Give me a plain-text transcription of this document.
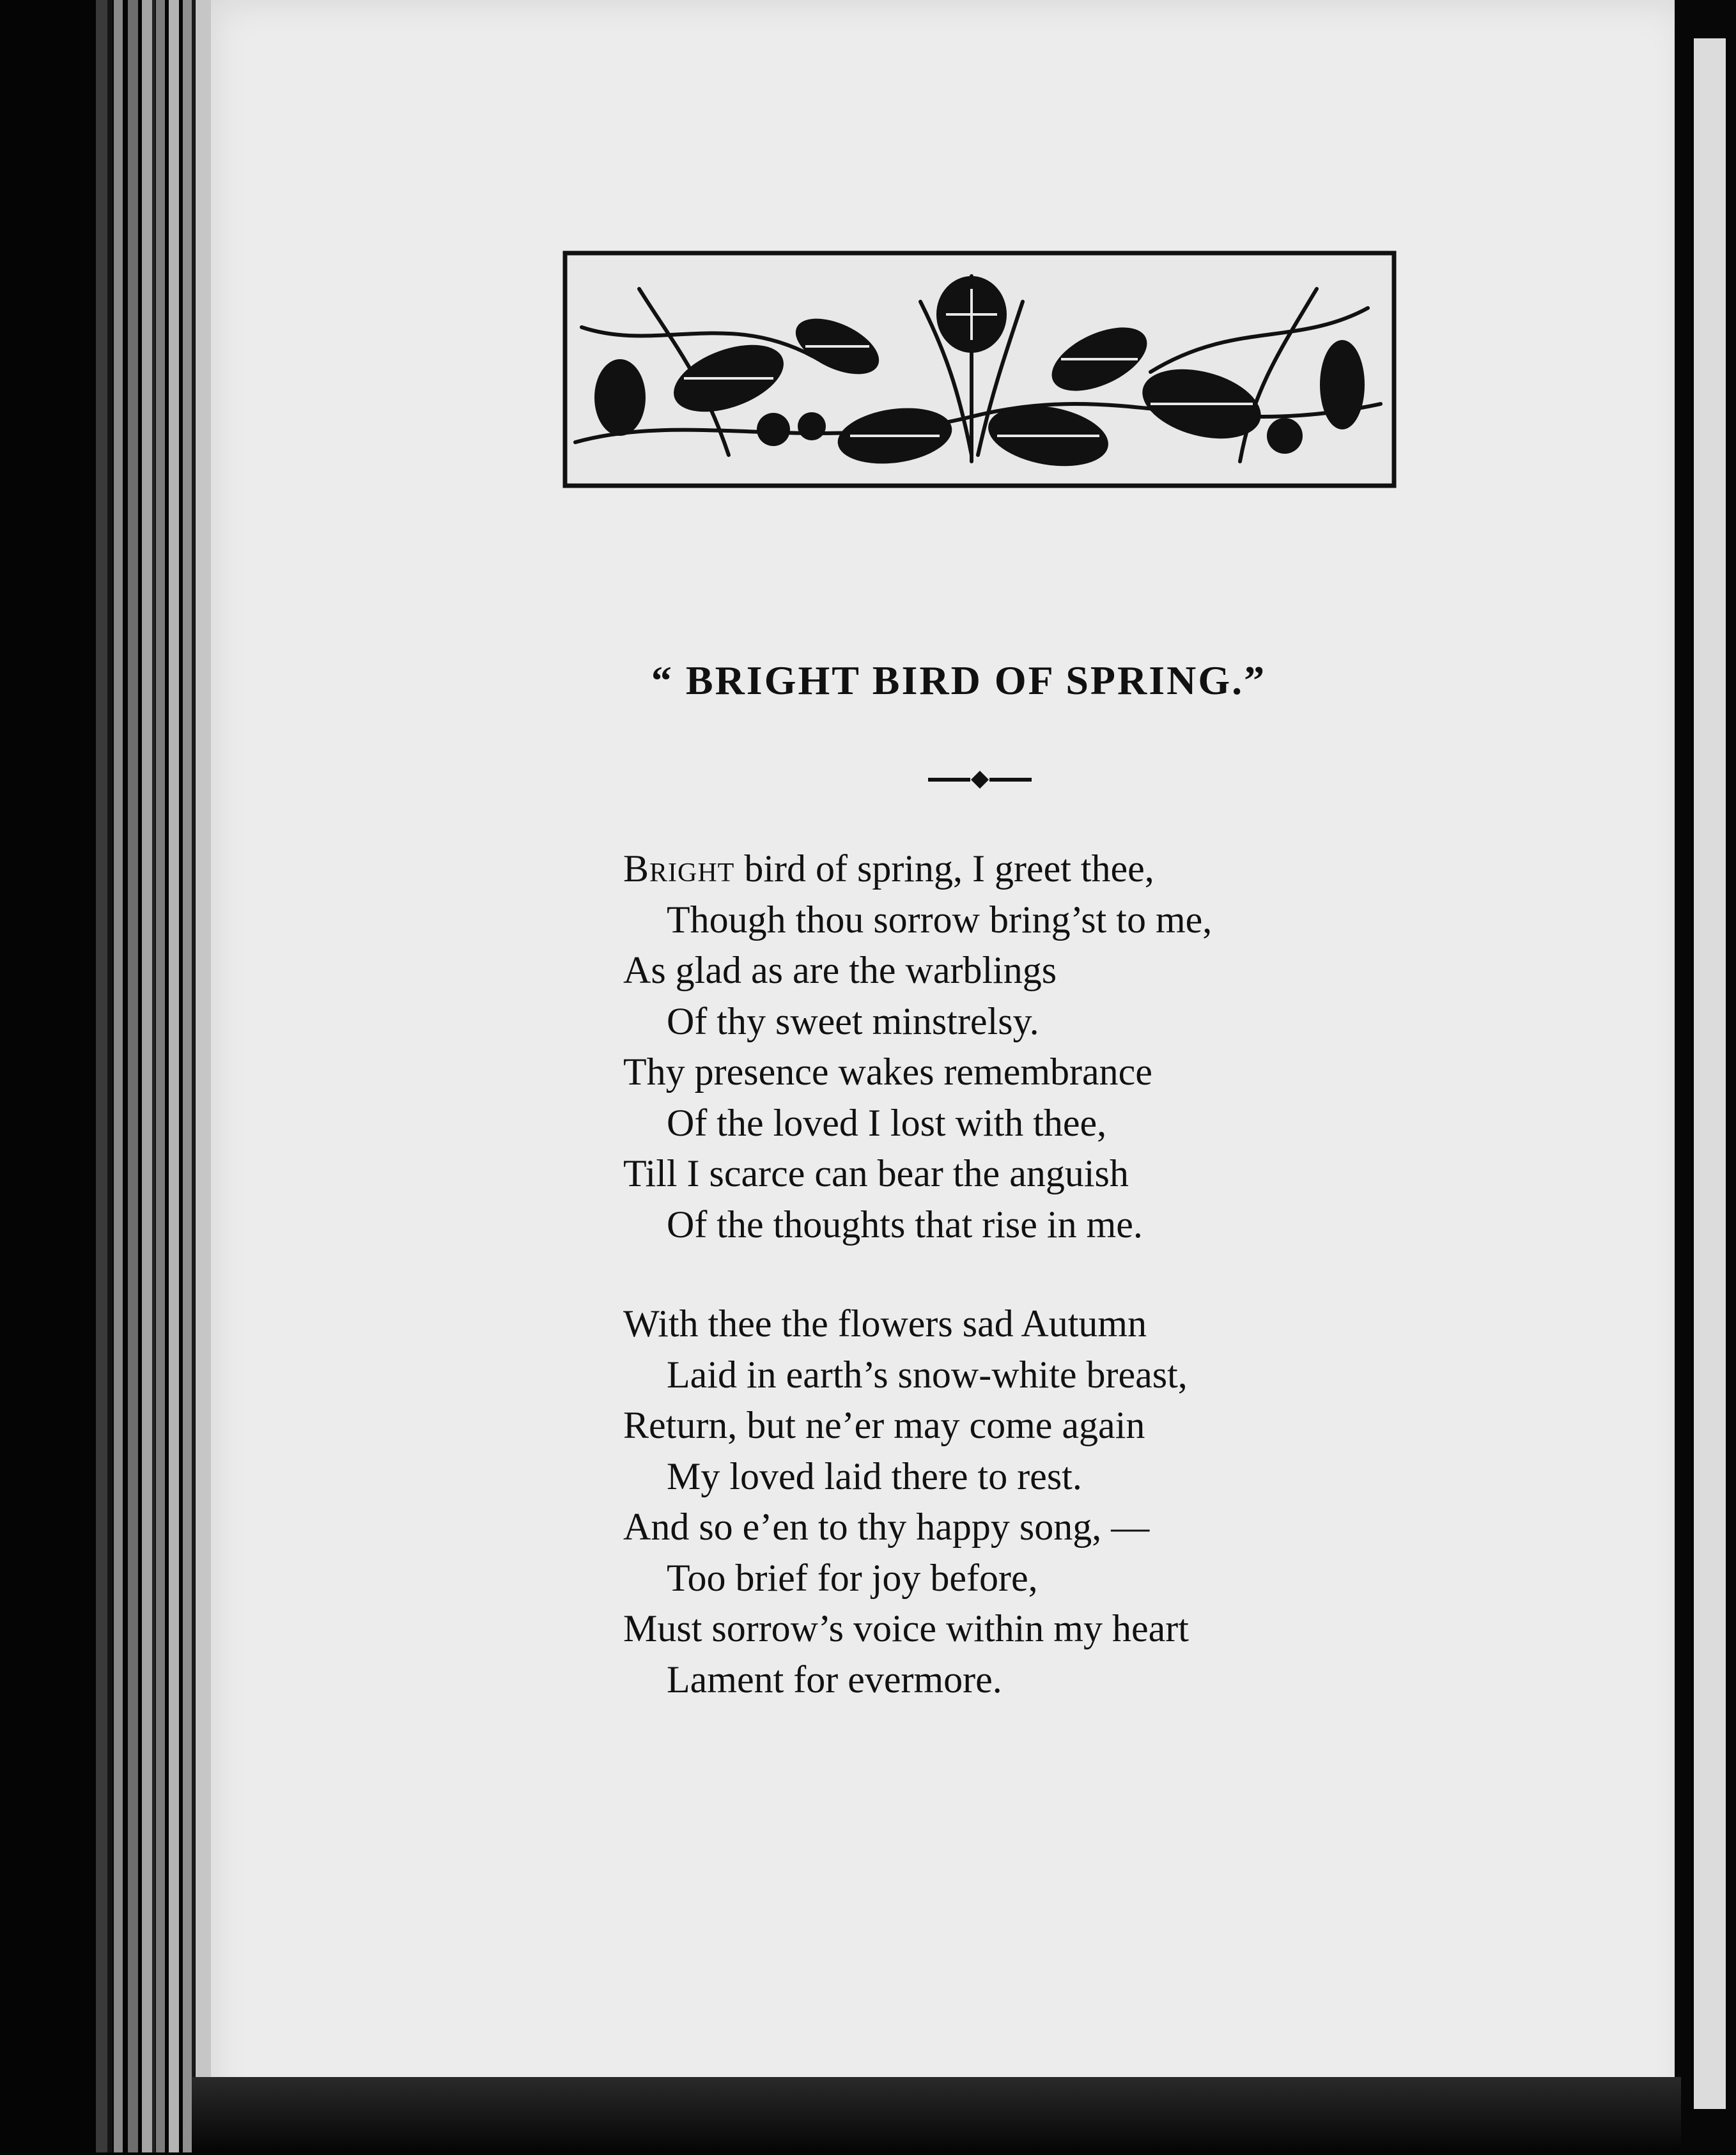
“ BRIGHT BIRD OF SPRING.”
Bright bird of spring, I greet thee,
Though thou sorrow bring’st to me,
As glad as are the warblings
Of thy sweet minstrelsy.
Thy presence wakes remembrance
Of the loved I lost with thee,
Till I scarce can bear the anguish
Of the thoughts that rise in me.
With thee the flowers sad Autumn
Laid in earth’s snow-white breast,
Return, but ne’er may come again
My loved laid there to rest.
And so e’en to thy happy song, —
Too brief for joy before,
Must sorrow’s voice within my heart
Lament for evermore.
